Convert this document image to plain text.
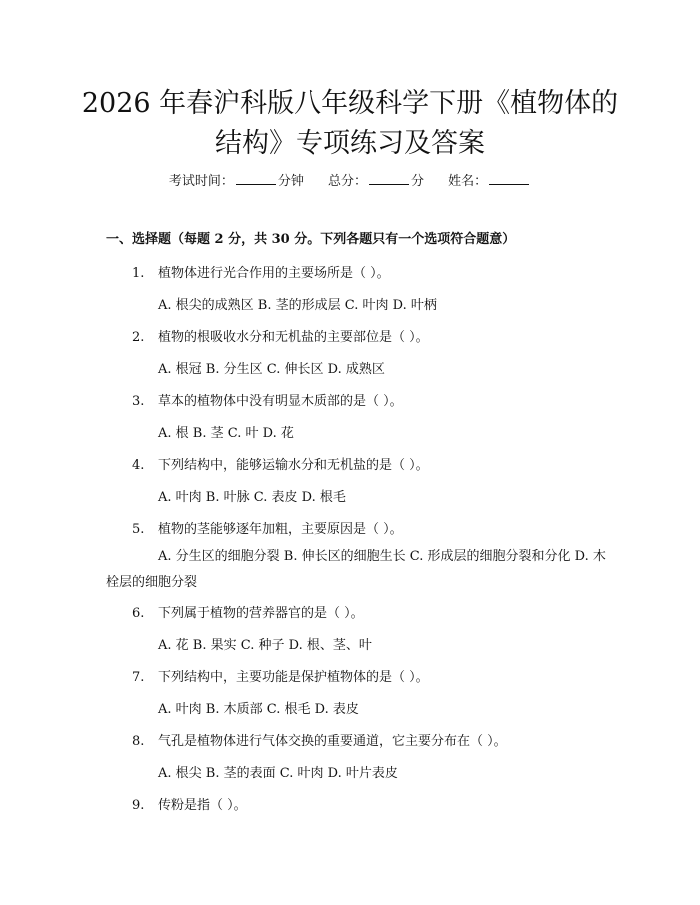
2026 年春沪科版八年级科学下册《植物体的
结构》专项练习及答案
考试时间：	分钟 总分：	分 姓名：
一、选择题（每题 2 分，共 30 分。下列各题只有一个选项符合题意）
1. 植物体进行光合作用的主要场所是（ ）。
A. 根尖的成熟区 B. 茎的形成层 C. 叶肉 D. 叶柄
2. 植物的根吸收水分和无机盐的主要部位是（ ）。
A. 根冠 B. 分生区 C. 伸长区 D. 成熟区
3. 草本的植物体中没有明显木质部的是（ ）。
A. 根 B. 茎 C. 叶 D. 花
4. 下列结构中，能够运输水分和无机盐的是（ ）。
A. 叶肉 B. 叶脉 C. 表皮 D. 根毛
5. 植物的茎能够逐年加粗，主要原因是（ ）。
A. 分生区的细胞分裂 B. 伸长区的细胞生长 C. 形成层的细胞分裂和分化 D. 木栓层的细胞分裂
6. 下列属于植物的营养器官的是（ ）。
A. 花 B. 果实 C. 种子 D. 根、茎、叶
7. 下列结构中，主要功能是保护植物体的是（ ）。
A. 叶肉 B. 木质部 C. 根毛 D. 表皮
8. 气孔是植物体进行气体交换的重要通道，它主要分布在（ ）。
A. 根尖 B. 茎的表面 C. 叶肉 D. 叶片表皮
9. 传粉是指（ ）。
